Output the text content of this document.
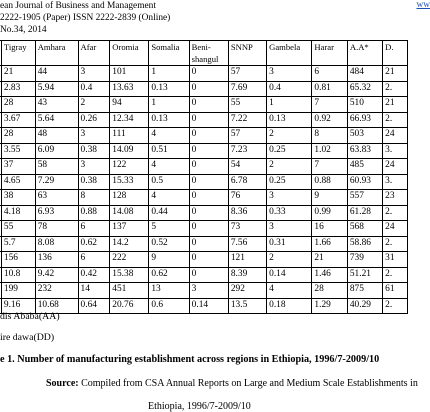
ean Journal of Business and Management	ww
2222-1905 (Paper) ISSN 2222-2839 (Online)
No.34, 2014
	Tigray	Amhara	Afar	Oromia	Somalia	Beni-
shangul	SNNP	Gambela	Harar	A.A*	D.
	21	44	3	101	1	0	57	3	6	484	21
	2.83	5.94	0.4	13.63	0.13	0	7.69	0.4	0.81	65.32	2.
	28	43	2	94	1	0	55	1	7	510	21
	3.67	5.64	0.26	12.34	0.13	0	7.22	0.13	0.92	66.93	2.
	28	48	3	111	4	0	57	2	8	503	24
	3.55	6.09	0.38	14.09	0.51	0	7.23	0.25	1.02	63.83	3.
	37	58	3	122	4	0	54	2	7	485	24
	4.65	7.29	0.38	15.33	0.5	0	6.78	0.25	0.88	60.93	3.
	38	63	8	128	4	0	76	3	9	557	23
	4.18	6.93	0.88	14.08	0.44	0	8.36	0.33	0.99	61.28	2.
	55	78	6	137	5	0	73	3	16	568	24
	5.7	8.08	0.62	14.2	0.52	0	7.56	0.31	1.66	58.86	2.
	156	136	6	222	9	0	121	2	21	739	31
	10.8	9.42	0.42	15.38	0.62	0	8.39	0.14	1.46	51.21	2.
	199	232	14	451	13	3	292	4	28	875	61
	9.16	10.68	0.64	20.76	0.6	0.14	13.5	0.18	1.29	40.29	2.
dis Ababa(AA)
ire dawa(DD)
e 1. Number of manufacturing establishment across regions in Ethiopia, 1996/7-2009/10
Source: Compiled from CSA Annual Reports on Large and Medium Scale Establishments in
Ethiopia, 1996/7-2009/10
